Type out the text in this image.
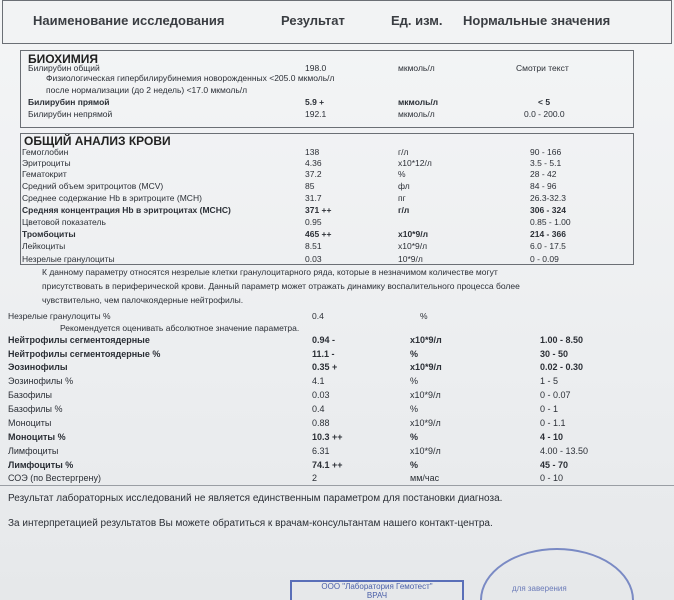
Наименование исследования	Результат	Ед. изм. Нормальные значения
БИОХИМИЯ
Билирубин общий	198.0	мкмоль/л	Смотри текст
Физиологическая гипербилирубинемия новорожденных <205.0 мкмоль/л
после нормализации (до 2 недель) <17.0 мкмоль/л
Билирубин прямой	5.9 +	мкмоль/л	< 5
Билирубин непрямой	192.1	мкмоль/л	0.0 - 200.0
ОБЩИЙ АНАЛИЗ КРОВИ
Гемоглобин	138	г/л	90 - 166
Эритроциты	4.36	x10*12/л	3.5 - 5.1
Гематокрит	37.2	%	28 - 42
Средний объем эритроцитов (MCV)	85	фл	84 - 96
Среднее содержание Hb в эритроците (MCH)	31.7	пг	26.3-32.3
Средняя концентрация Hb в эритроцитах (MCHC)	371 ++	г/л	306 - 324
Цветовой показатель	0.95	0.85 - 1.00
Тромбоциты	465 ++	x10*9/л	214 - 366
Лейкоциты	8.51	x10*9/л	6.0 - 17.5
Незрелые гранулоциты	0.03	10*9/л	0 - 0.09
К данному параметру относятся незрелые клетки гранулоцитарного ряда, которые в незначимом количестве могут
присутствовать в периферической крови. Данный параметр может отражать динамику воспалительного процесса более
чувствительно, чем палочкоядерные нейтрофилы.
Незрелые гранулоциты %	0.4	%
Рекомендуется оценивать абсолютное значение параметра.
Нейтрофилы сегментоядерные	0.94 -	x10*9/л	1.00 - 8.50
Нейтрофилы сегментоядерные %	11.1 -	%	30 - 50
Эозинофилы	0.35 +	x10*9/л	0.02 - 0.30
Эозинофилы %	4.1	%	1 - 5
Базофилы	0.03	x10*9/л	0 - 0.07
Базофилы %	0.4	%	0 - 1
Моноциты	0.88	x10*9/л	0 - 1.1
Моноциты %	10.3 ++	%	4 - 10
Лимфоциты	6.31	x10*9/л	4.00 - 13.50
Лимфоциты %	74.1 ++	%	45 - 70
СОЭ (по Вестергрену)	2	мм/час	0 - 10
Результат лабораторных исследований не является единственным параметром для постановки диагноза.
За интерпретацией результатов Вы можете обратиться к врачам-консультантам нашего контакт-центра.
ООО "Лаборатория Гемотест"
ВРАЧ
для заверения
